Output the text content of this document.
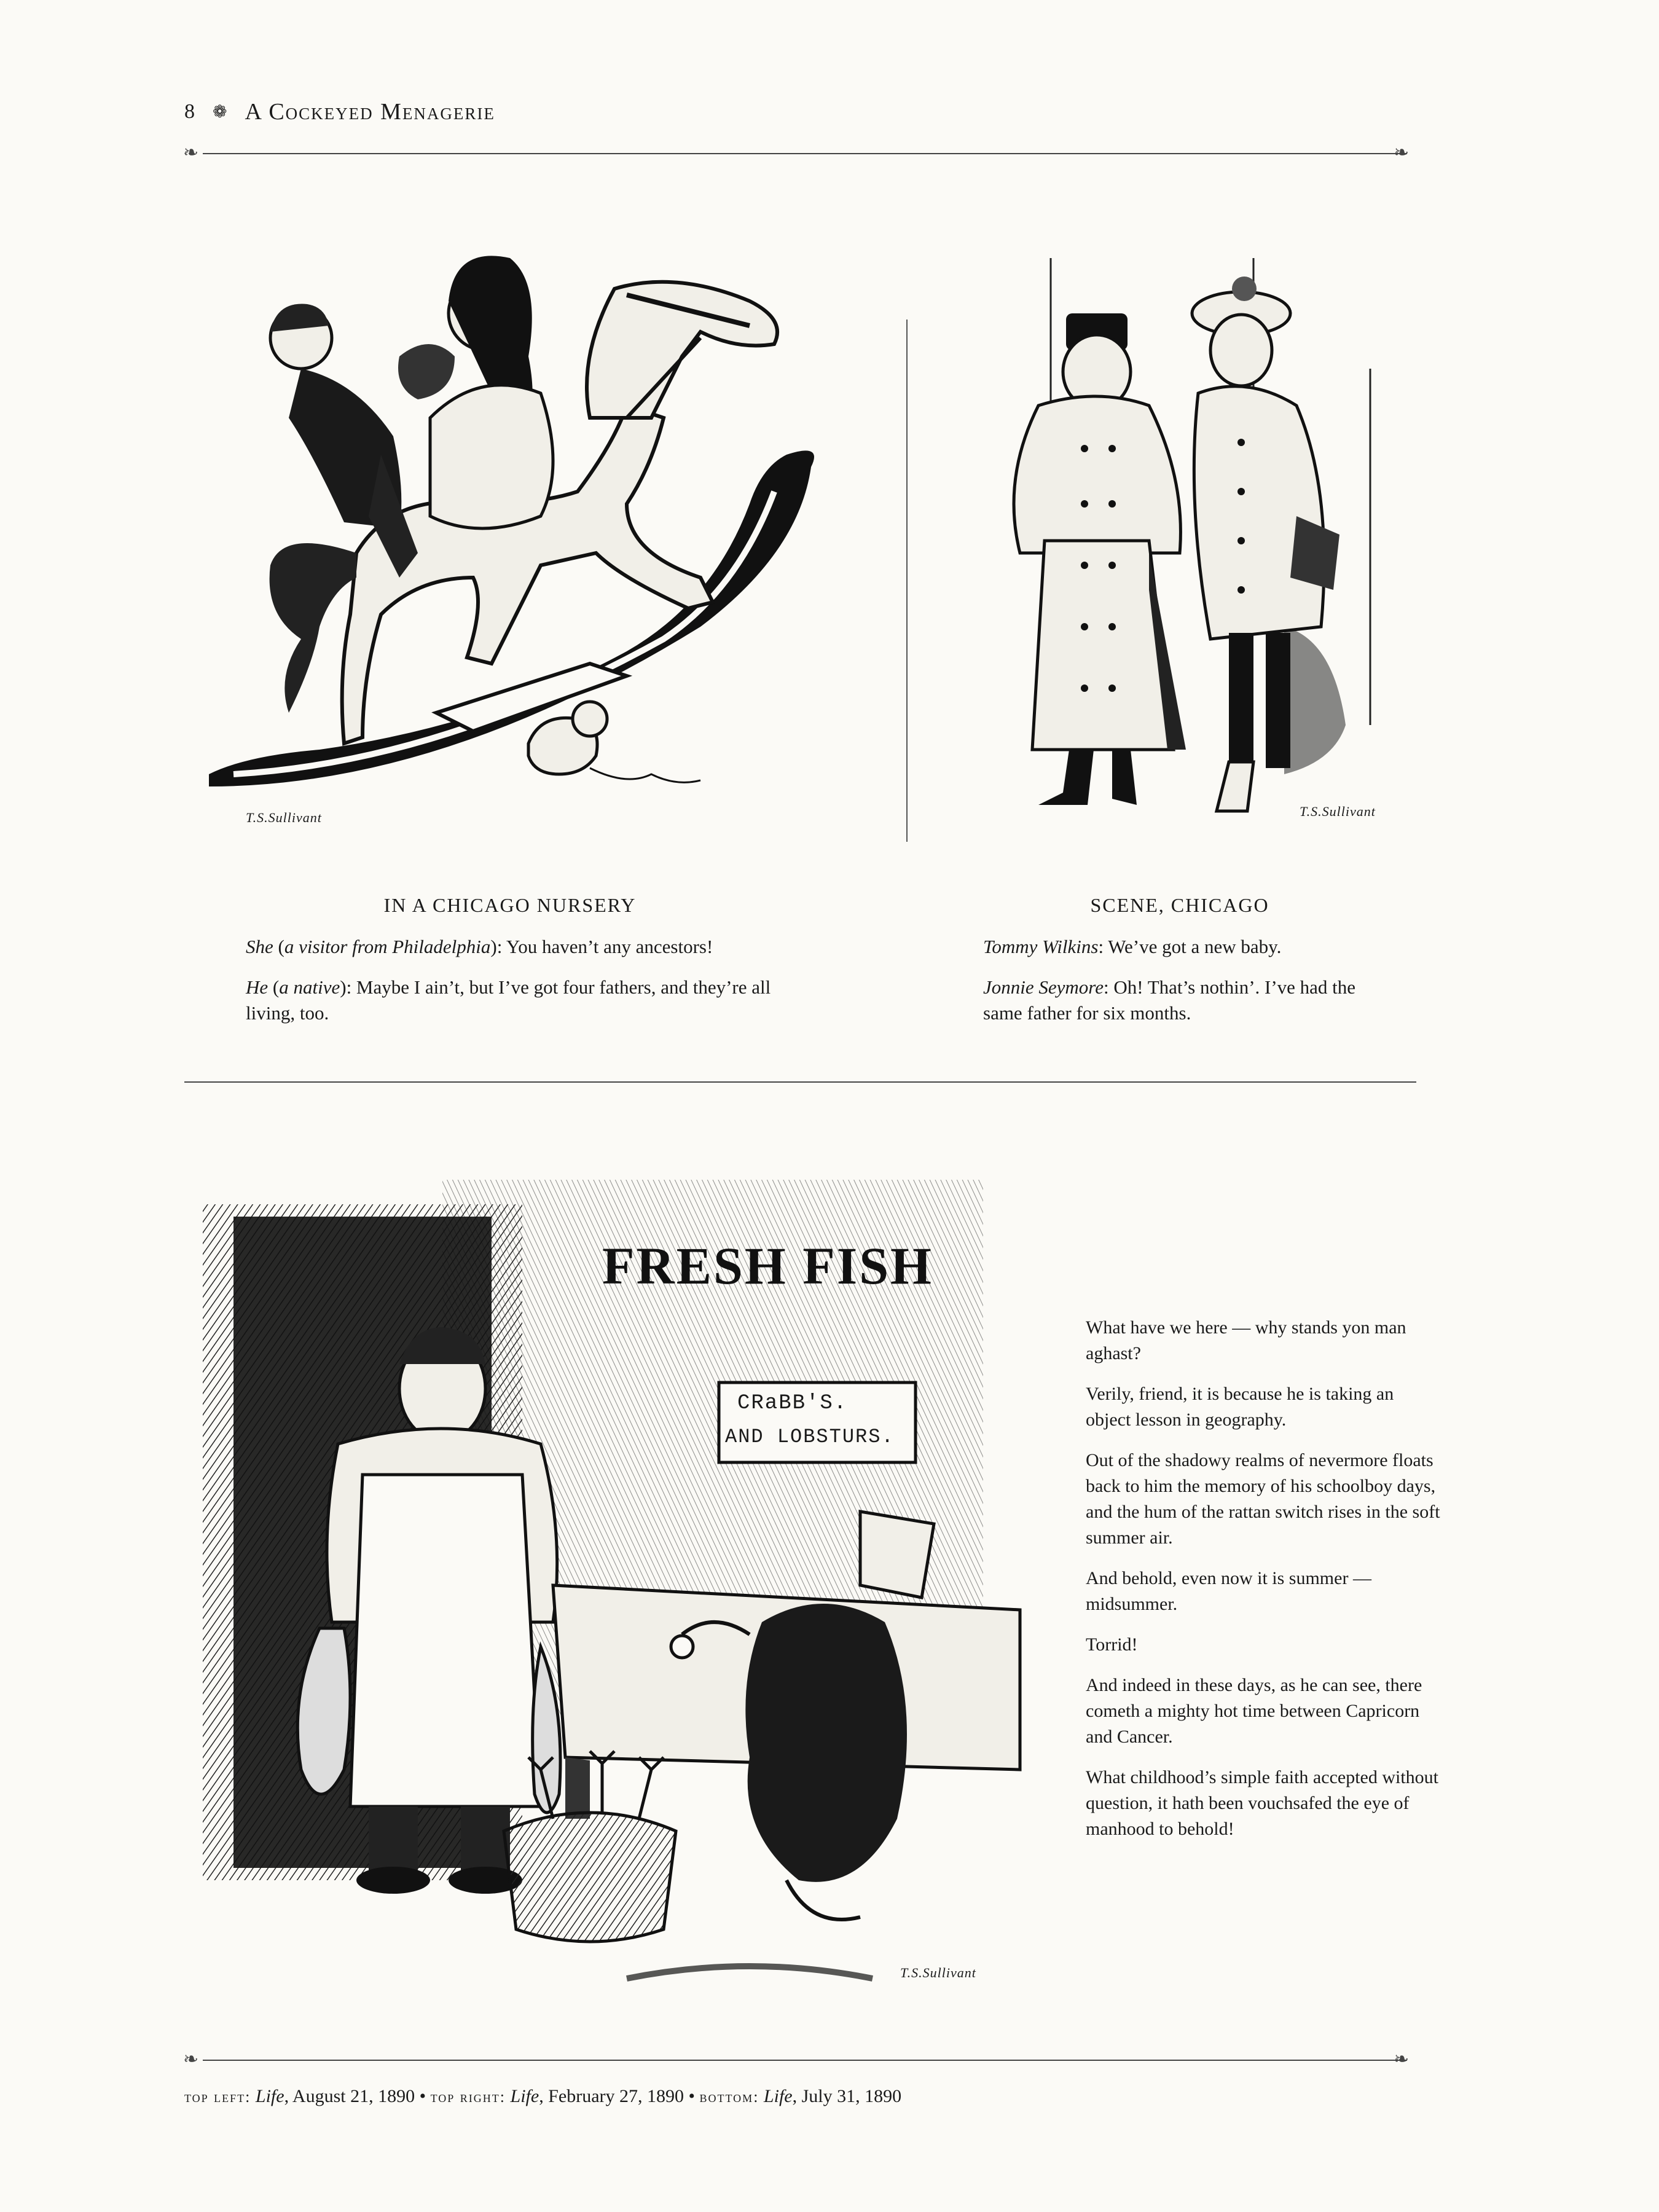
8 ❁ A Cockeyed Menagerie
❧	❧
T.S.Sullivant	T.S.Sullivant
IN A CHICAGO NURSERY

She (a visitor from Philadelphia): You haven’t any ancestors!

He (a native): Maybe I ain’t, but I’ve got four fathers, and they’re all living, too.

SCENE, CHICAGO

Tommy Wilkins: We’ve got a new baby.

Jonnie Seymore: Oh! That’s nothin’. I’ve had the same father for six months.

FRESH FISH
CRaBB'S.
AND LOBSTURS.
T.S.Sullivant

What have we here — why stands yon man aghast?

Verily, friend, it is because he is taking an object lesson in geography.

Out of the shadowy realms of nevermore floats back to him the memory of his schoolboy days, and the hum of the rattan switch rises in the soft summer air.

And behold, even now it is summer — midsummer.

Torrid!

And indeed in these days, as he can see, there cometh a mighty hot time between Capricorn and Cancer.

What childhood’s simple faith accepted without question, it hath been vouchsafed the eye of manhood to behold!

❧	❧
top left: Life, August 21, 1890 • top right: Life, February 27, 1890 • bottom: Life, July 31, 1890
